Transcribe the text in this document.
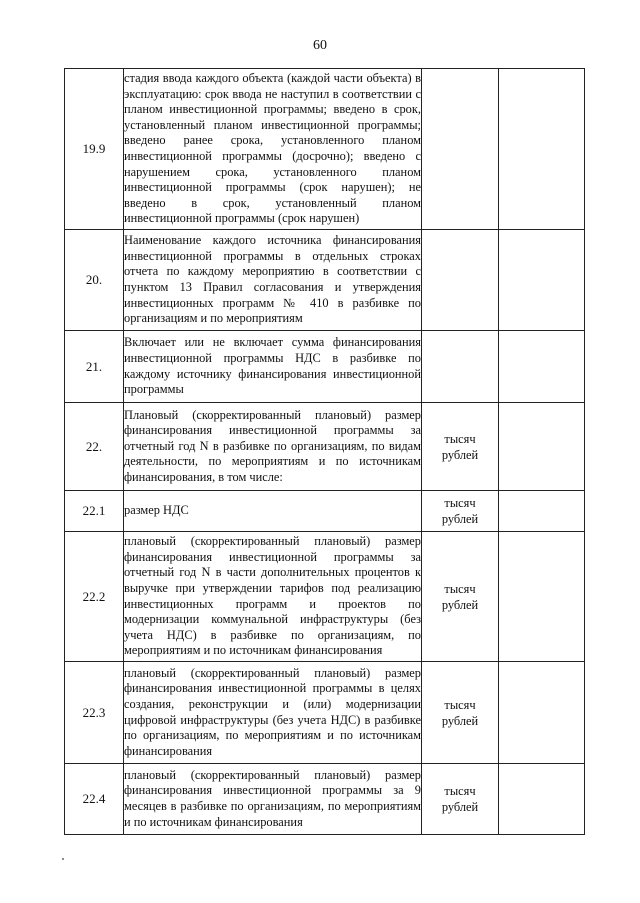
60
19.9	стадия ввода каждого объекта (каждой части объекта) в эксплуатацию: срок ввода не наступил в соответствии с планом инвестиционной программы; введено в срок, установленный планом инвестиционной программы; введено ранее срока, установленного планом инвестиционной программы (досрочно); введено с нарушением срока, установленного планом инвестиционной программы (срок нарушен); не введено в срок, установленный планом инвестиционной программы (срок нарушен)	

20.	Наименование каждого источника финансирования инвестиционной программы в отдельных строках отчета по каждому мероприятию в соответствии с пунктом 13 Правил согласования и утверждения инвестиционных программ № 410 в разбивке по организациям и по мероприятиям	

21.	Включает или не включает сумма финансирования инвестиционной программы НДС в разбивке по каждому источнику финансирования инвестиционной программы	

22.	Плановый (скорректированный плановый) размер финансирования инвестиционной программы за отчетный год N в разбивке по организациям, по видам деятельности, по мероприятиям и по источникам финансирования, в том числе:	тысяч
рублей	

22.1	размер НДС	тысяч
рублей	

22.2	плановый (скорректированный плановый) размер финансирования инвестиционной программы за отчетный год N в части дополнительных процентов к выручке при утверждении тарифов под реализацию инвестиционных программ и проектов по модернизации коммунальной инфраструктуры (без учета НДС) в разбивке по организациям, по мероприятиям и по источникам финансирования	тысяч
рублей	

22.3	плановый (скорректированный плановый) размер финансирования инвестиционной программы в целях создания, реконструкции и (или) модернизации цифровой инфраструктуры (без учета НДС) в разбивке по организациям, по мероприятиям и по источникам финансирования	тысяч
рублей	

22.4	плановый (скорректированный плановый) размер финансирования инвестиционной программы за 9 месяцев в разбивке по организациям, по мероприятиям и по источникам финансирования	тысяч
рублей	
